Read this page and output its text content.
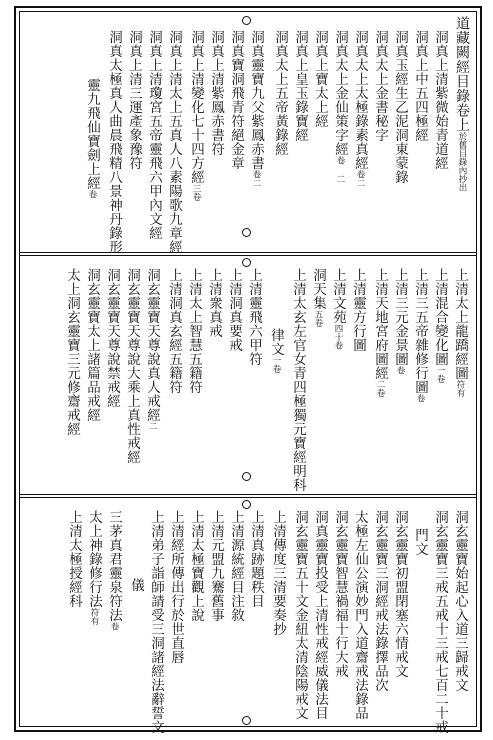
道藏闕經目錄卷上於舊目錄內抄出
洞真上清紫微始青道經
洞真上中五四極經
洞真玉經生乙泥洞東蒙錄
洞真太上金書秘字
洞真太上太極錄素真經卷二
洞真太上金仙策字經卷 二
洞真上寶太上經
洞真上皇玉錄寶經
洞真太上五帝黃錄經
洞真靈寶九父紫鳳赤書卷二
洞真寶洞飛青符絕金章
洞真上清紫鳳赤書符
洞真上清變化七十四方經三卷
洞真上清太上五真人八素陽歌九章經
洞真上清瓊宮五帝靈飛六甲內文經
洞真上清三運產象豫符
洞真太極真人曲晨飛精八景神丹錄形
靈九飛仙寶劍上經卷
上清太上龍蹻經圖符有
上清混合變化圖一卷
上清三五帝雜修行圖卷
上清三元金景圖卷
上清天地宮府圖經二卷
上清靈方行圖
上清文苑四十卷
洞天集五卷
上清太玄左官女青四極獨元寶經明科
律文一卷
上清靈飛六甲符
上清洞真要戒
上清衆真戒
上清太上智慧五籍符
上清洞真玄經五籍符
洞玄靈寶天尊說真人戒經二
洞玄靈寶天尊說大乘上真性戒經
洞玄靈寶天尊說禁戒經
洞玄靈寶太上諸篇品戒經
太上洞玄靈寶三元修齋戒經
洞玄靈寶始起心入道三歸戒文
洞玄靈寶三戒五戒十三戒七百二十戒
門文
洞玄靈寶初盟閉塞六情戒文
洞玄靈寶三洞經戒法錄擇品次
太極左仙公演妙門入道齋戒法錄品
洞玄靈寶智慧禍福十行大戒
洞真靈寶投受上清性戒經威儀法目
洞玄靈寶五十文金紐太清陰陽戒文
上清傳度三清要奏抄
上清真跡題秩目
上清源統經目注敘
上清元盟九騫舊事
上清太極寶觀上說
上清經所傳出行於世直唇
上清弟子詣師請受三洞諸經法辭誓文
儀
三茅真君靈泉符法卷
太上神錄修行法符有
上清太極授經科
